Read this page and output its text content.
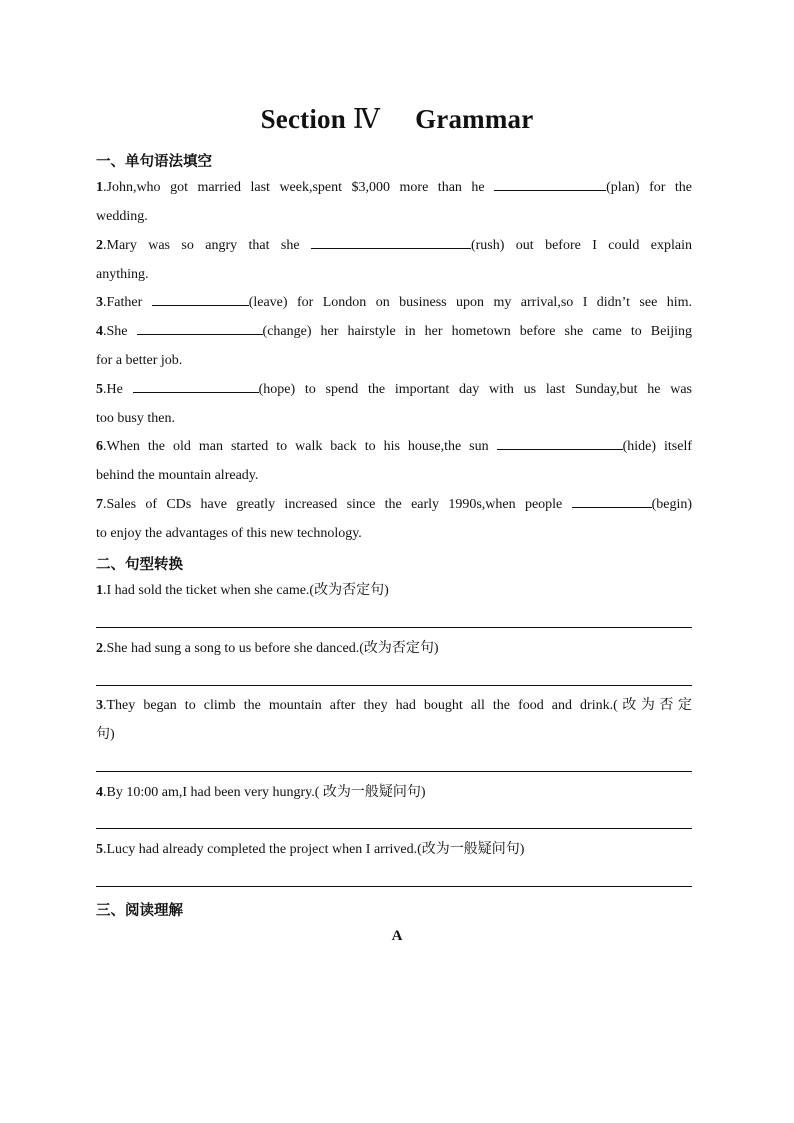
Section Ⅳ Grammar
一、单句语法填空
1.John,who got married last week,spent $3,000 more than he	(plan) for the
wedding.
2.Mary was so angry that she	(rush) out before I could explain
anything.
3.Father	(leave) for London on business upon my arrival,so I didn’t see him.
4.She	(change) her hairstyle in her hometown before she came to Beijing
for a better job.
5.He	(hope) to spend the important day with us last Sunday,but he was
too busy then.
6.When the old man started to walk back to his house,the sun	(hide) itself
behind the mountain already.
7.Sales of CDs have greatly increased since the early 1990s,when people	(begin)
to enjoy the advantages of this new technology.
二、句型转换
1.I had sold the ticket when she came.(改为否定句)
2.She had sung a song to us before she danced.(改为否定句)
3.They began to climb the mountain after they had bought all the food and drink.(改为否定
句)
4.By 10:00 am,I had been very hungry.( 改为一般疑问句)
5.Lucy had already completed the project when I arrived.(改为一般疑问句)
三、阅读理解
A
